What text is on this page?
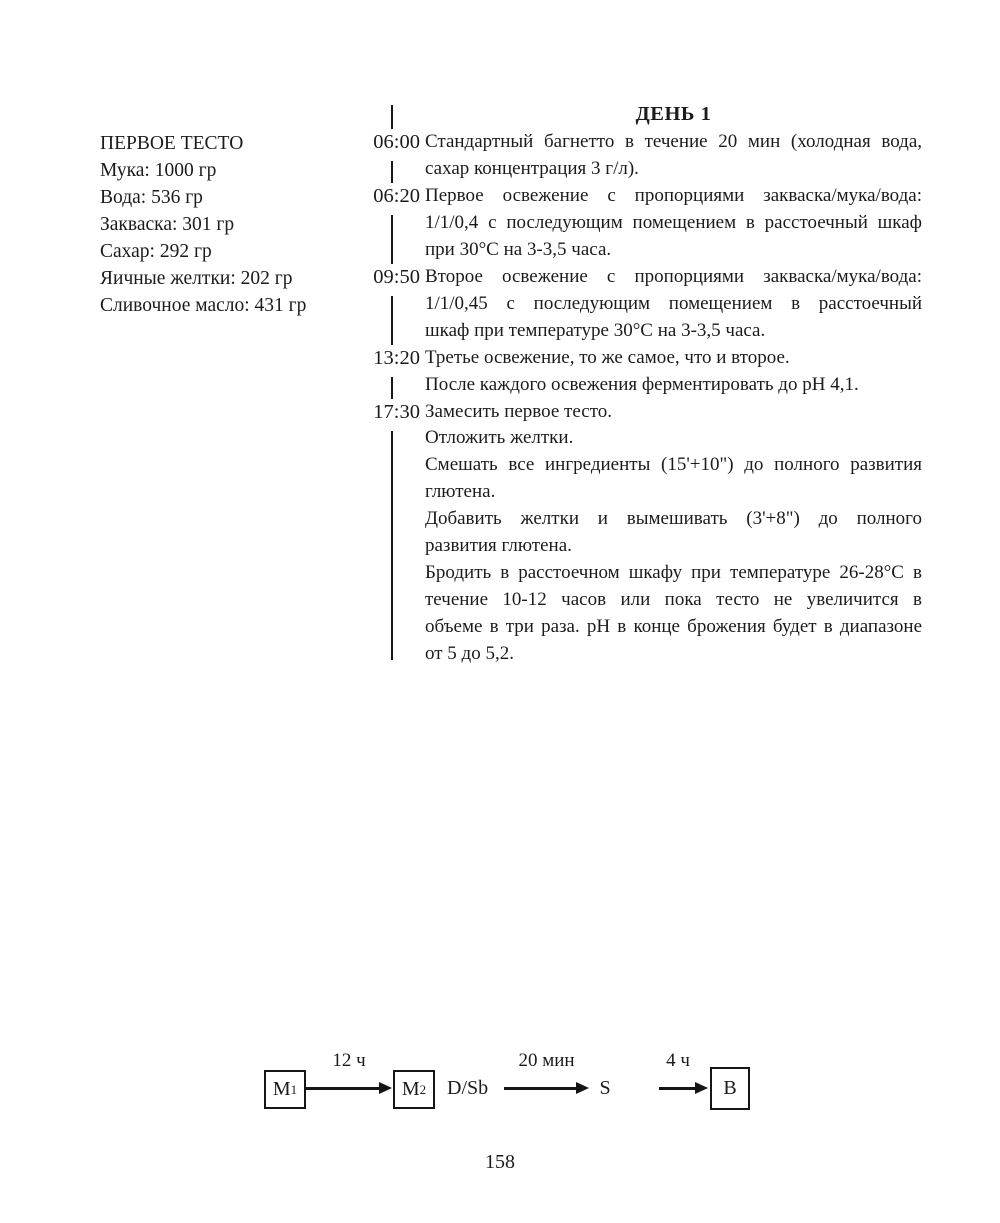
ДЕНЬ 1
ПЕРВОЕ ТЕСТО
Мука: 1000 гр
Вода: 536 гр
Закваска: 301 гр
Сахар: 292 гр
Яичные желтки: 202 гр
Сливочное масло: 431 гр
06:00
06:20
09:50
13:20
17:30
Стандартный багнетто в течение 20 мин (холодная вода,
сахар концентрация 3 г/л).
Первое освежение с пропорциями закваска/мука/вода:
1/1/0,4 с последующим помещением в расстоечный шкаф
при 30°С на 3-3,5 часа.
Второе освежение с пропорциями закваска/мука/вода:
1/1/0,45 с последующим помещением в расстоечный
шкаф при температуре 30°С на 3-3,5 часа.
Третье освежение, то же самое, что и второе.
После каждого освежения ферментировать до pH 4,1.
Замесить первое тесто.
Отложить желтки.
Смешать все ингредиенты (15'+10") до полного развития
глютена.
Добавить желтки и вымешивать (3'+8") до полного
развития глютена.
Бродить в расстоечном шкафу при температуре 26-28°С в
течение 10-12 часов или пока тесто не увеличится в
объеме в три раза. pH в конце брожения будет в диапазоне
от 5 до 5,2.
M 1
12 ч
M 2 D/Sb
20 мин
S
4 ч
B
158
